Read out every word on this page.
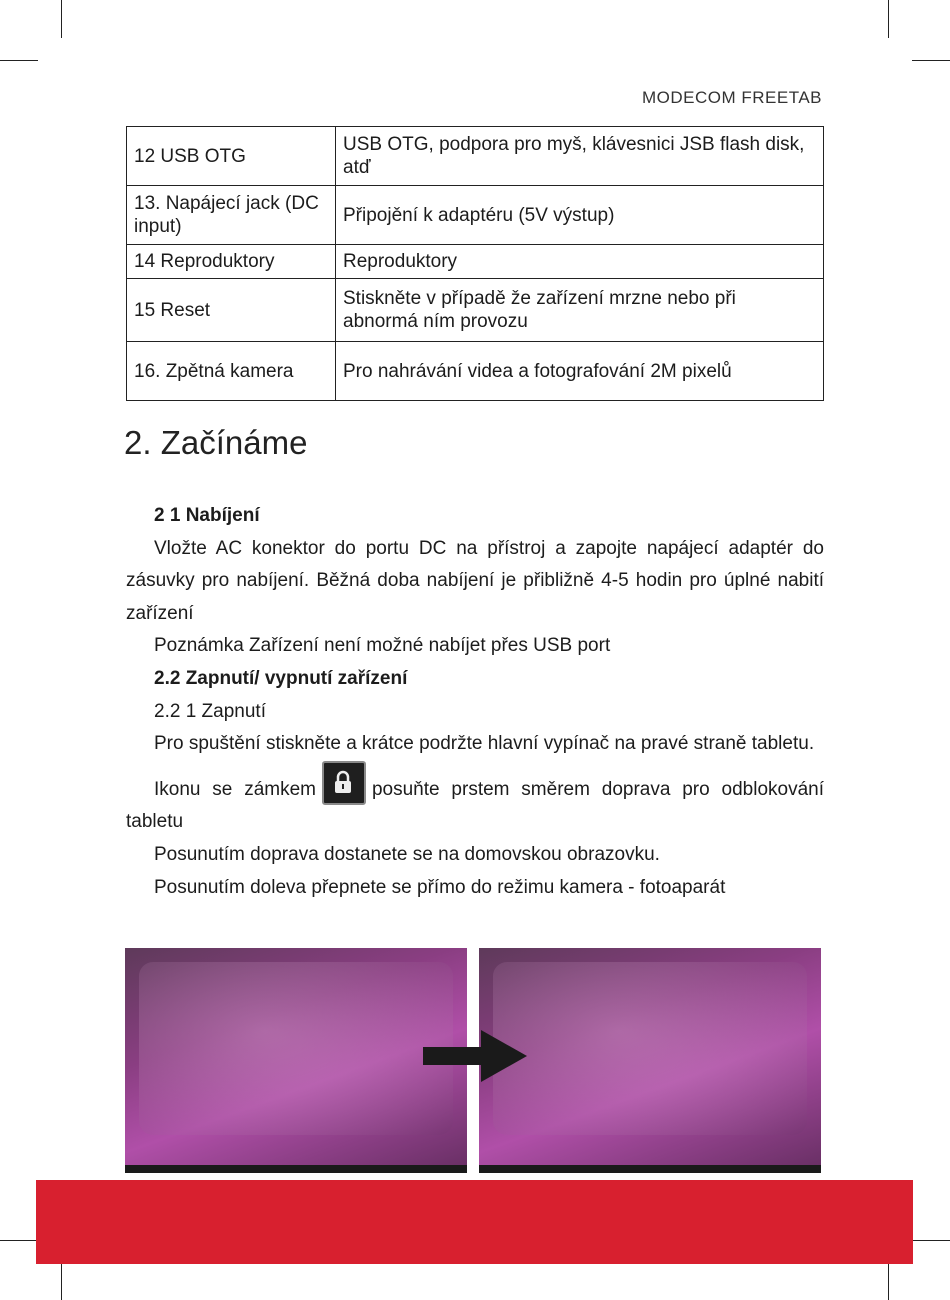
MODECOM FREETAB
12 USB OTG	USB OTG, podpora pro myš, klávesnici JSB flash disk, atď
13. Napájecí jack (DC input)	Připojění k adaptéru (5V výstup)
14 Reproduktory	Reproduktory
15 Reset	Stiskněte v případě že zařízení mrzne nebo při abnormá ním provozu
16. Zpětná kamera	Pro nahrávání videa a fotografování 2M pixelů
2. Začínáme

2 1 Nabíjení

Vložte AC konektor do portu DC na přístroj a zapojte napájecí adaptér do zásuvky pro nabíjení. Běžná doba nabíjení je přibližně 4-5 hodin pro úplné nabití zařízení

Poznámka Zařízení není možné nabíjet přes USB port

2.2 Zapnutí/ vypnutí zařízení

2.2 1 Zapnutí

Pro spuštění stiskněte a krátce podržte hlavní vypínač na pravé straně tabletu.

Ikonu se zámkem	posuňte prstem směrem doprava pro odblokování tabletu

Posunutím doprava dostanete se na domovskou obrazovku.

Posunutím doleva přepnete se přímo do režimu kamera - fotoaparát
